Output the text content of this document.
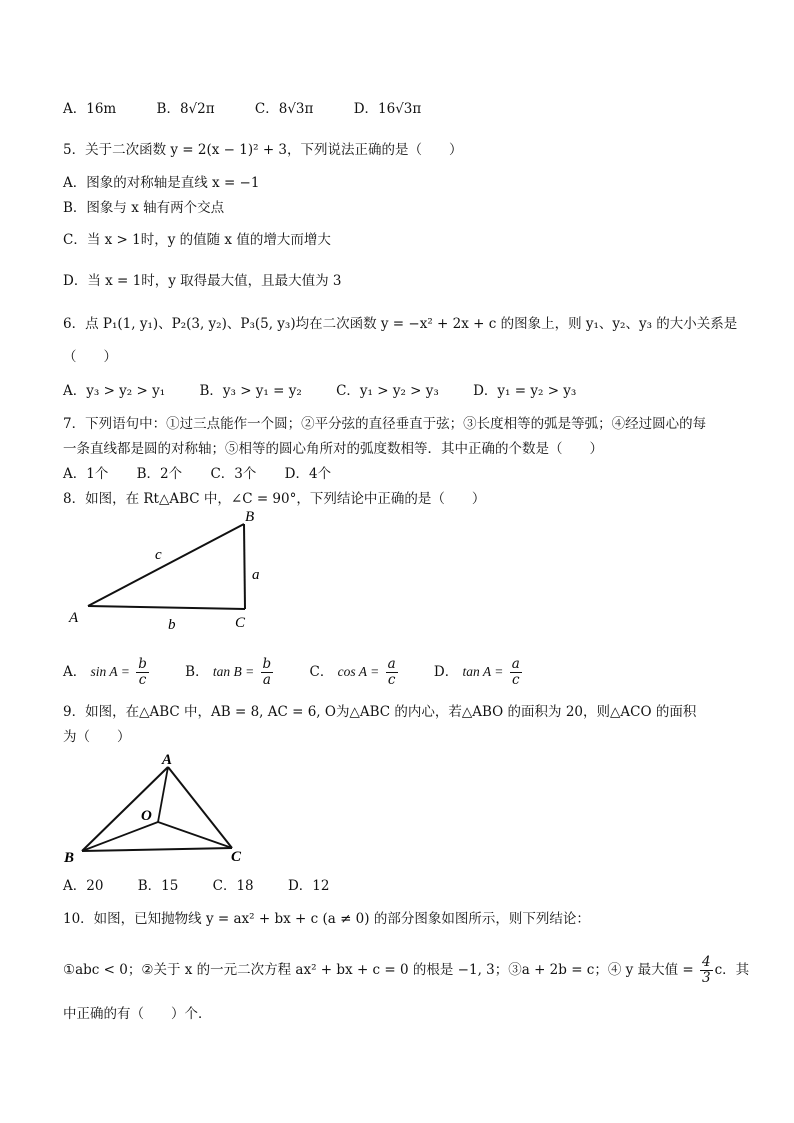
A．16m	B．8√2π	C．8√3π	D．16√3π
5．关于二次函数 y = 2(x − 1)² + 3，下列说法正确的是（　　）
A．图象的对称轴是直线 x = −1
B．图象与 x 轴有两个交点
C．当 x > 1时，y 的值随 x 值的增大而增大
D．当 x = 1时，y 取得最大值，且最大值为 3
6．点 P₁(1, y₁)、P₂(3, y₂)、P₃(5, y₃)均在二次函数 y = −x² + 2x + c 的图象上，则 y₁、y₂、y₃ 的大小关系是
（　　）
A．y₃ > y₂ > y₁	B．y₃ > y₁ = y₂	C．y₁ > y₂ > y₃	D．y₁ = y₂ > y₃
7．下列语句中：①过三点能作一个圆；②平分弦的直径垂直于弦；③长度相等的弧是等弧；④经过圆心的每
一条直线都是圆的对称轴；⑤相等的圆心角所对的弧度数相等．其中正确的个数是（　　）
A．1个 B．2个 C．3个 D．4个
8．如图，在 Rt△ABC 中，∠C = 90°，下列结论中正确的是（　　）
B
A	C
c
a
b
A
B	C
O
A． $\sin A = \frac{b}{c}$	B． $\tan B = \frac{b}{a}$	C． $\cos A = \frac{a}{c}$	D． $\tan A = \frac{a}{c}$
9．如图，在△ABC 中，AB = 8, AC = 6, O为△ABC 的内心，若△ABO 的面积为 20，则△ACO 的面积
为（　　）
A．20	B．15	C．18	D．12
10．如图，已知抛物线 y = ax² + bx + c (a ≠ 0) 的部分图象如图所示，则下列结论：
①abc < 0；②关于 x 的一元二次方程 ax² + bx + c = 0 的根是 −1, 3；③a + 2b = c；④ y 最大值 = $\frac{4}{3}$ c．其
中正确的有（　　）个．
